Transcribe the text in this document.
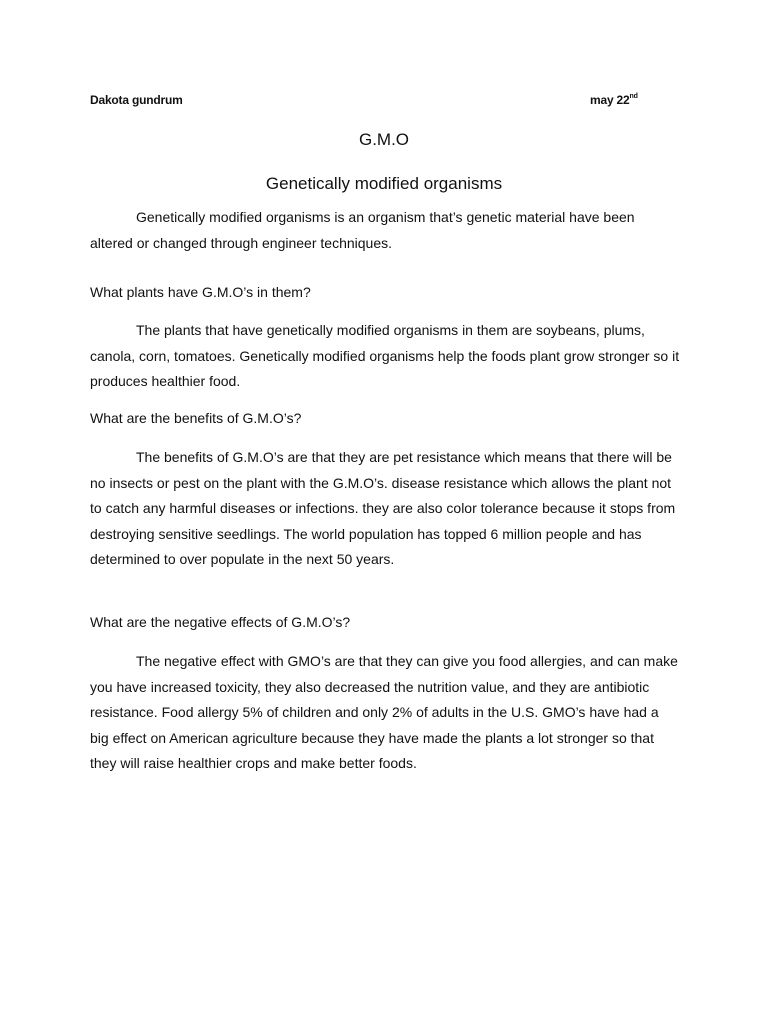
Dakota gundrum	may 22nd
G.M.O
Genetically modified organisms

Genetically modified organisms is an organism that’s genetic material have been altered or changed through engineer techniques.

What plants have G.M.O’s in them?

The plants that have genetically modified organisms in them are soybeans, plums, canola, corn, tomatoes. Genetically modified organisms help the foods plant grow stronger so it produces healthier food.

What are the benefits of G.M.O’s?

The benefits of G.M.O’s are that they are pet resistance which means that there will be no insects or pest on the plant with the G.M.O’s. disease resistance which allows the plant not to catch any harmful diseases or infections. they are also color tolerance because it stops from destroying sensitive seedlings. The world population has topped 6 million people and has determined to over populate in the next 50 years.

What are the negative effects of G.M.O’s?

The negative effect with GMO’s are that they can give you food allergies, and can make you have increased toxicity, they also decreased the nutrition value, and they are antibiotic resistance. Food allergy 5% of children and only 2% of adults in the U.S. GMO’s have had a big effect on American agriculture because they have made the plants a lot stronger so that they will raise healthier crops and make better foods.
